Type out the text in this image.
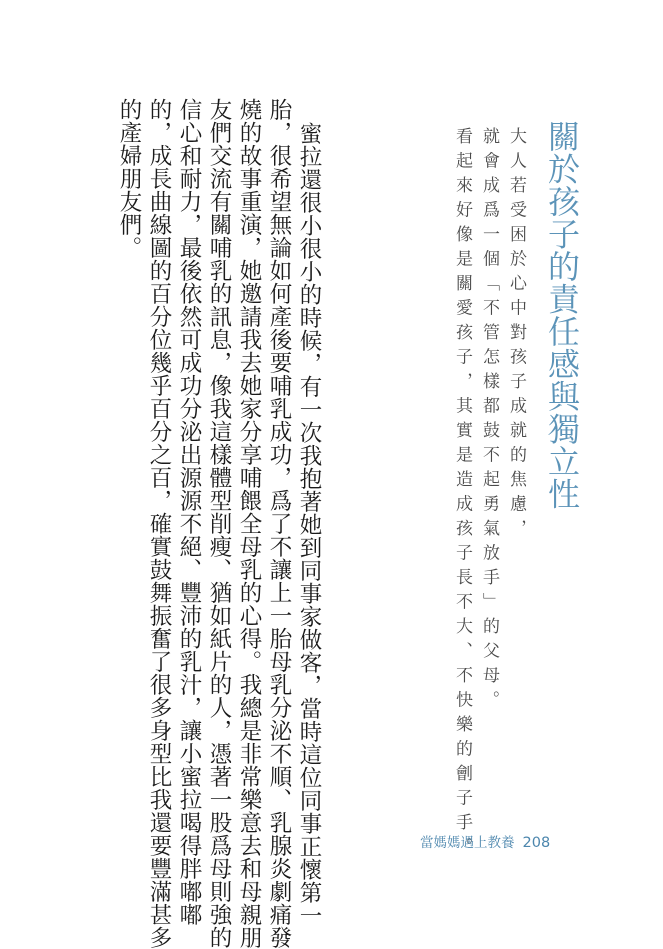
關於孩子的責任感與獨立性
大人若受困於心中對孩子成就的焦慮，
就會成爲一個「不管怎樣都鼓不起勇氣放手」的父母。
看起來好像是關愛孩子，其實是造成孩子長不大、不快樂的劊子手。
蜜拉還很小很小的時候，有一次我抱著她到同事家做客，當時這位同事正懷第一
胎，很希望無論如何產後要哺乳成功，爲了不讓上一胎母乳分泌不順、乳腺炎劇痛發
燒的故事重演，她邀請我去她家分享哺餵全母乳的心得。我總是非常樂意去和母親朋
友們交流有關哺乳的訊息，像我這樣體型削瘦、猶如紙片的人，憑著一股爲母則強的
信心和耐力，最後依然可成功分泌出源源不絕、豐沛的乳汁，讓小蜜拉喝得胖嘟嘟
的，成長曲線圖的百分位幾乎百分之百，確實鼓舞振奮了很多身型比我還要豐滿甚多
的產婦朋友們。
當媽媽遇上教養 208
